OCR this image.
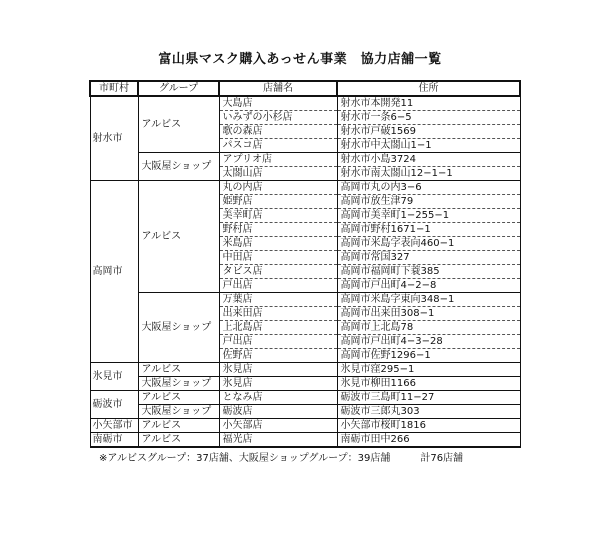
富山県マスク購入あっせん事業　協力店舗一覧
市町村	グループ	店舗名	住所
射水市	アルビス	大島店	射水市本開発11
		いみずの小杉店	射水市一条6−5
		歌の森店	射水市戸破1569
		パスコ店	射水市中太閤山1−1
	大阪屋ショップ	アプリオ店	射水市小島3724
		太閤山店	射水市南太閤山12−1−1
高岡市	アルビス	丸の内店	高岡市丸の内3−6
		姫野店	高岡市放生津79
		美幸町店	高岡市美幸町1−255−1
		野村店	高岡市野村1671−1
		米島店	高岡市米島字表向460−1
		中田店	高岡市常国327
		タビス店	高岡市福岡町下蓑385
		戸出店	高岡市戸出町4−2−8
	大阪屋ショップ	万葉店	高岡市米島字東向348−1
		出来田店	高岡市出来田308−1
		上北島店	高岡市上北島78
		戸出店	高岡市戸出町4−3−28
		佐野店	高岡市佐野1296−1
氷見市	アルビス	氷見店	氷見市窪295−1
	大阪屋ショップ	氷見店	氷見市柳田1166
砺波市	アルビス	となみ店	砺波市三島町11−27
	大阪屋ショップ	砺波店	砺波市三郎丸303
小矢部市	アルビス	小矢部店	小矢部市桜町1816
南砺市	アルビス	福光店	南砺市田中266
※アルビスグループ：37店舗、大阪屋ショップグループ：39店舗　　　計76店舗
